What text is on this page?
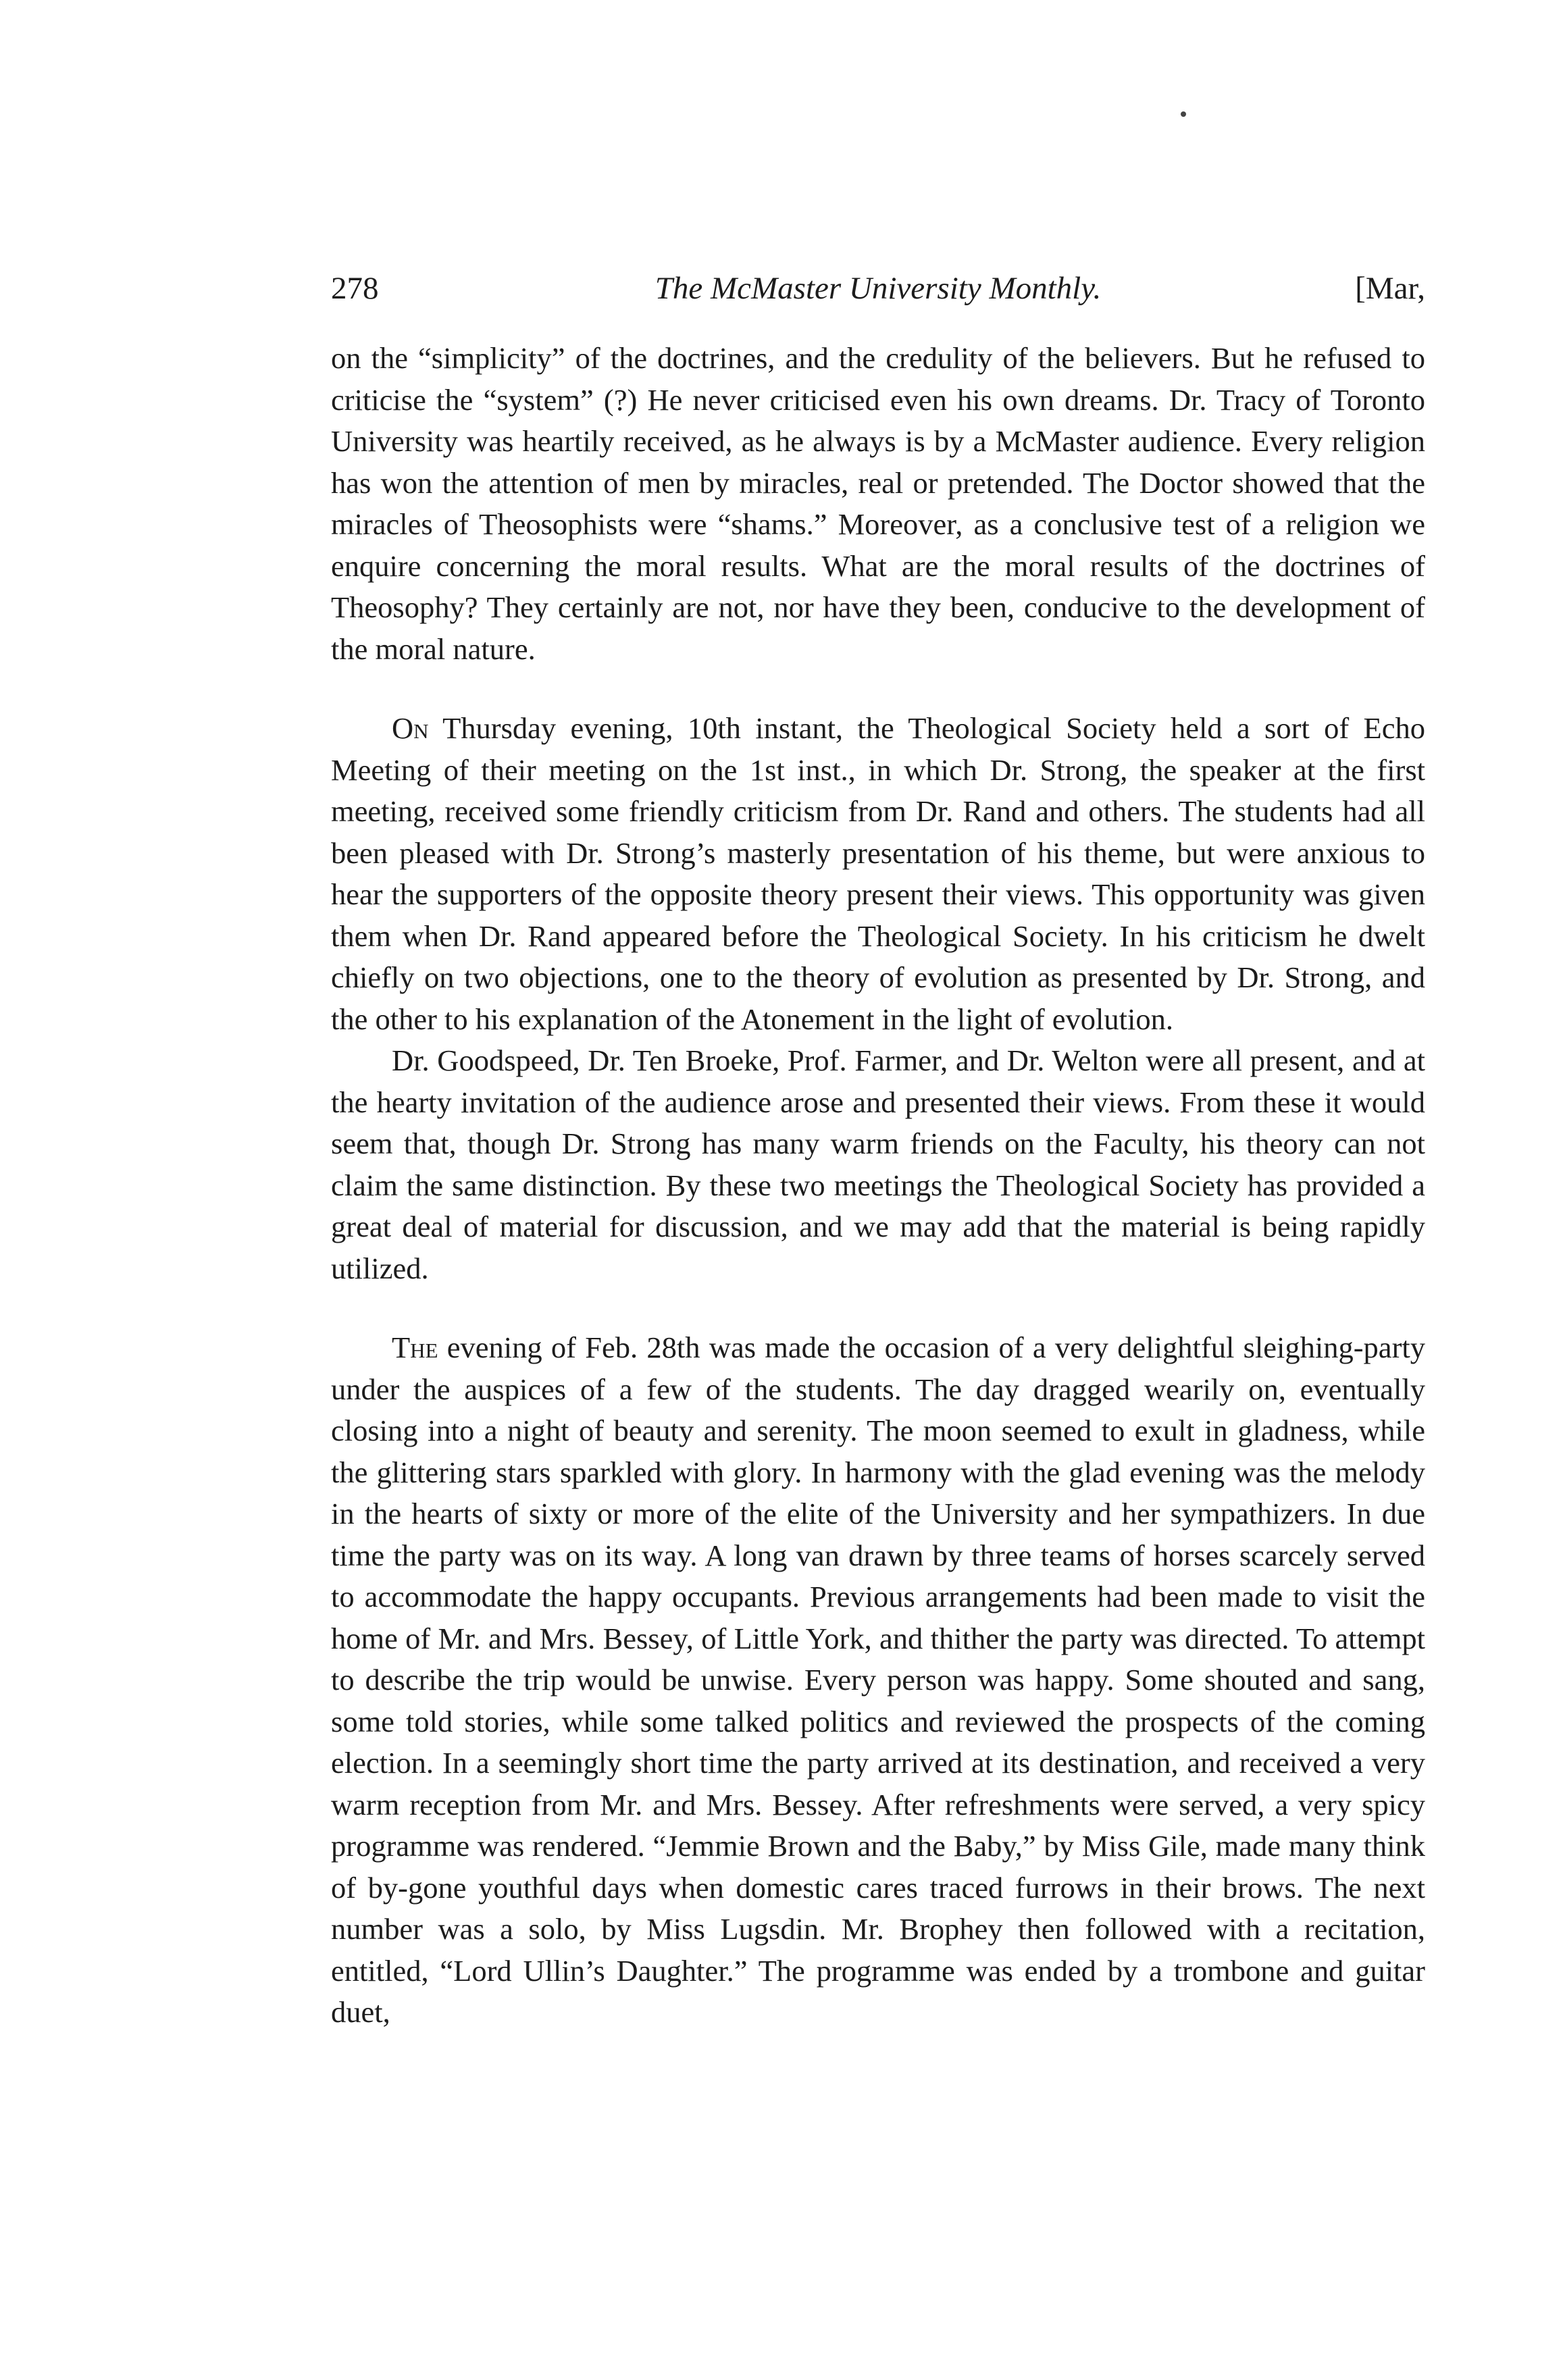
278	The McMaster University Monthly.	[Mar,

on the “simplicity” of the doctrines, and the credulity of the believers. But he refused to criticise the “system” (?) He never criticised even his own dreams. Dr. Tracy of Toronto University was heartily received, as he always is by a McMaster audience. Every religion has won the attention of men by miracles, real or pretended. The Doctor showed that the miracles of Theosophists were “shams.” Moreover, as a conclusive test of a religion we enquire concerning the moral results. What are the moral results of the doctrines of Theosophy? They certainly are not, nor have they been, conducive to the development of the moral nature.

On Thursday evening, 10th instant, the Theological Society held a sort of Echo Meeting of their meeting on the 1st inst., in which Dr. Strong, the speaker at the first meeting, received some friendly criticism from Dr. Rand and others. The students had all been pleased with Dr. Strong’s masterly presentation of his theme, but were anxious to hear the supporters of the opposite theory present their views. This opportunity was given them when Dr. Rand appeared before the Theological Society. In his criticism he dwelt chiefly on two objections, one to the theory of evolution as presented by Dr. Strong, and the other to his explanation of the Atonement in the light of evolution.

Dr. Goodspeed, Dr. Ten Broeke, Prof. Farmer, and Dr. Welton were all present, and at the hearty invitation of the audience arose and presented their views. From these it would seem that, though Dr. Strong has many warm friends on the Faculty, his theory can not claim the same distinction. By these two meetings the Theological Society has provided a great deal of material for discussion, and we may add that the material is being rapidly utilized.

The evening of Feb. 28th was made the occasion of a very delightful sleighing-party under the auspices of a few of the students. The day dragged wearily on, eventually closing into a night of beauty and serenity. The moon seemed to exult in gladness, while the glittering stars sparkled with glory. In harmony with the glad evening was the melody in the hearts of sixty or more of the elite of the University and her sympathizers. In due time the party was on its way. A long van drawn by three teams of horses scarcely served to accommodate the happy occupants. Previous arrangements had been made to visit the home of Mr. and Mrs. Bessey, of Little York, and thither the party was directed. To attempt to describe the trip would be unwise. Every person was happy. Some shouted and sang, some told stories, while some talked politics and reviewed the prospects of the coming election. In a seemingly short time the party arrived at its destination, and received a very warm reception from Mr. and Mrs. Bessey. After refreshments were served, a very spicy programme was rendered. “Jemmie Brown and the Baby,” by Miss Gile, made many think of by-gone youthful days when domestic cares traced furrows in their brows. The next number was a solo, by Miss Lugsdin. Mr. Brophey then followed with a recitation, entitled, “Lord Ullin’s Daughter.” The programme was ended by a trombone and guitar duet,
